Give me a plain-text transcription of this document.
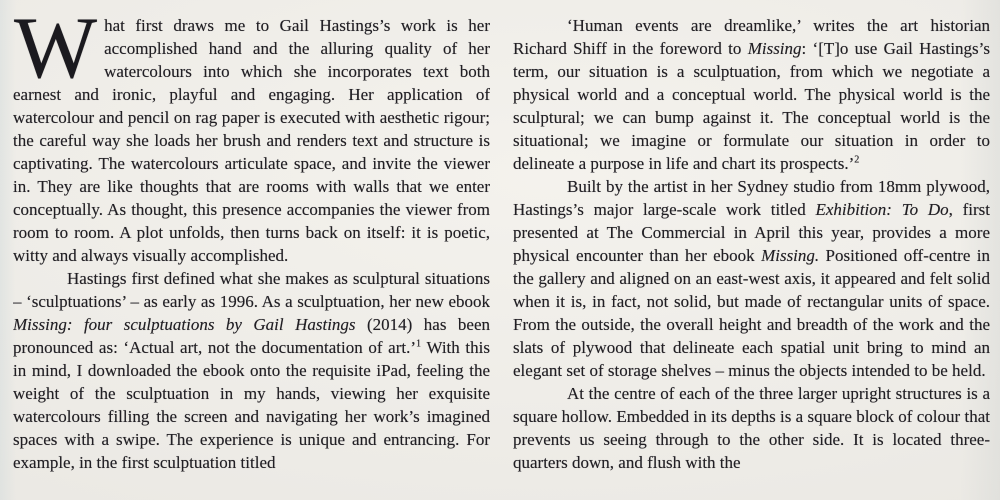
What first draws me to Gail Hastings’s work is her accomplished hand and the alluring quality of her watercolours into which she incorporates text both earnest and ironic, playful and engaging. Her application of watercolour and pencil on rag paper is executed with aesthetic rigour; the careful way she loads her brush and renders text and structure is captivating. The watercolours articulate space, and invite the viewer in. They are like thoughts that are rooms with walls that we enter conceptually. As thought, this presence accompanies the viewer from room to room. A plot unfolds, then turns back on itself: it is poetic, witty and always visually accomplished.

Hastings first defined what she makes as sculptural situations – ‘sculptuations’ – as early as 1996. As a sculptuation, her new ebook Missing: four sculptuations by Gail Hastings (2014) has been pronounced as: ‘Actual art, not the documentation of art.’$^1$ With this in mind, I downloaded the ebook onto the requisite iPad, feeling the weight of the sculptuation in my hands, viewing her exquisite watercolours filling the screen and navigating her work’s imagined spaces with a swipe. The experience is unique and entrancing. For example, in the first sculptuation titled

‘Human events are dreamlike,’ writes the art historian Richard Shiff in the foreword to Missing: ‘[T]o use Gail Hastings’s term, our situation is a sculptuation, from which we negotiate a physical world and a conceptual world. The physical world is the sculptural; we can bump against it. The conceptual world is the situational; we imagine or formulate our situation in order to delineate a purpose in life and chart its prospects.’$^2$

Built by the artist in her Sydney studio from 18mm plywood, Hastings’s major large-scale work titled Exhibition: To Do, first presented at The Commercial in April this year, provides a more physical encounter than her ebook Missing. Positioned off-centre in the gallery and aligned on an east-west axis, it appeared and felt solid when it is, in fact, not solid, but made of rectangular units of space. From the outside, the overall height and breadth of the work and the slats of plywood that delineate each spatial unit bring to mind an elegant set of storage shelves – minus the objects intended to be held.

At the centre of each of the three larger upright structures is a square hollow. Embedded in its depths is a square block of colour that prevents us seeing through to the other side. It is located three-quarters down, and flush with the
